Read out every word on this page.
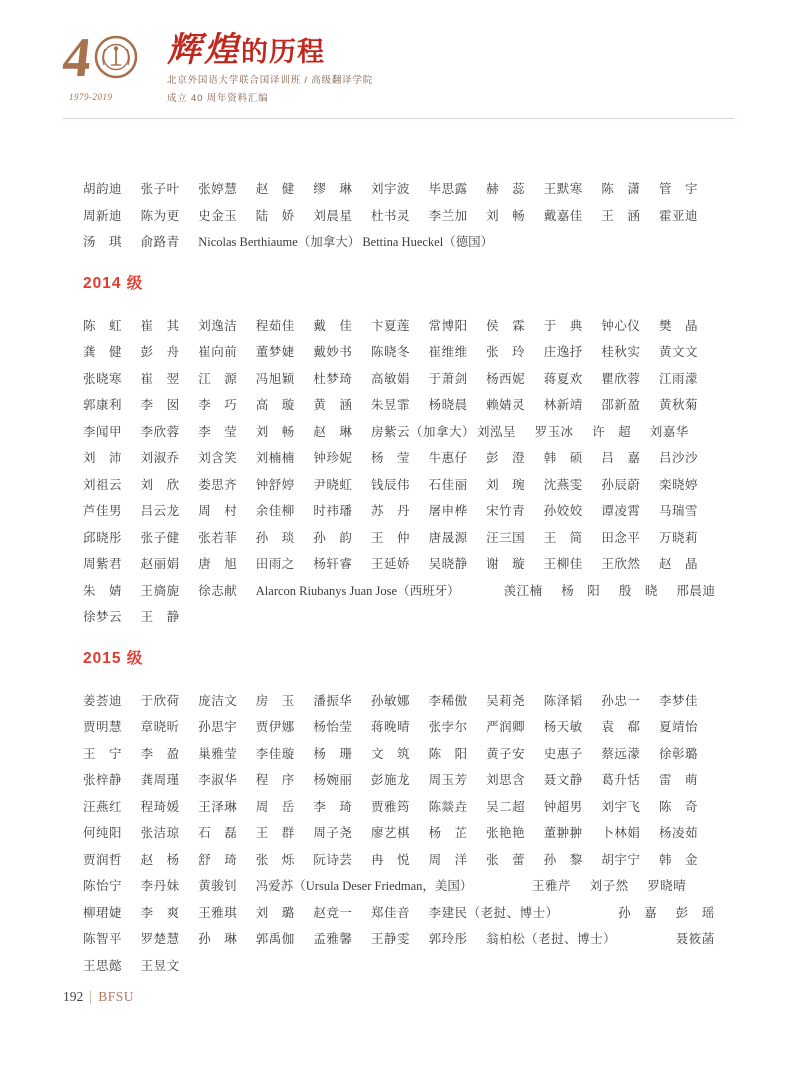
4
1979-2019
辉煌的历程
北京外国语大学联合国译训班 / 高级翻译学院
成立 40 周年资料汇编
胡韵迪	张子叶	张婷慧	赵　健	缪　琳	刘宇波	毕思露	赫　蕊	王默寒	陈　潇	管　宇
周新迪	陈为更	史金玉	陆　娇	刘晨星	杜书灵	李兰加	刘　畅	戴嘉佳	王　涵	霍亚迪
汤　琪	俞路青	Nicolas Berthiaume（加拿大） Bettina Hueckel（德国）
2014 级
陈　虹	崔　其	刘逸洁	程茹佳	戴　佳	卞夏莲	常博阳	侯　霖	于　典	钟心仪	樊　晶
龚　健	彭　舟	崔向前	董梦婕	戴妙书	陈晓冬	崔维维	张　玲	庄逸抒	桂秋实	黄文文
张晓寒	崔　翌	江　源	冯旭颖	杜梦琦	高敏娟	于萧剑	杨西妮	蒋夏欢	瞿欣蓉	江雨濛
郭康利	李　囡	李　巧	高　璇	黄　涵	朱昱霏	杨晓晨	赖婧灵	林新靖	邵新盈	黄秋菊
李闻甲	李欣蓉	李　莹	刘　畅	赵　琳	房紫云（加拿大） 刘泓呈	罗玉冰	许　超	刘嘉华
刘　沛	刘淑乔	刘含笑	刘楠楠	钟珍妮	杨　莹	牛惠仔	彭　澄	韩　硕	吕　嘉	吕沙沙
刘祖云	刘　欣	娄思齐	钟舒婷	尹晓虹	钱辰伟	石佳丽	刘　琬	沈燕雯	孙辰蔚	栾晓婷
芦佳男	吕云龙	周　村	余佳柳	时祎璠	苏　丹	屠申桦	宋竹青	孙姣姣	谭凌霄	马瑞雪
邱晓彤	张子健	张若菲	孙　琰	孙　韵	王　仲	唐晟源	汪三国	王　简	田念平	万晓莉
周紫君	赵丽娟	唐　旭	田雨之	杨轩睿	王延娇	吴晓静	谢　璇	王柳佳	王欣然	赵　晶
朱　婧	王旖旎	徐志献	Alarcon Riubanys Juan Jose（西班牙）	羡江楠	杨　阳	殷　晓	邢晨迪
徐梦云	王　静
2015 级
姜荟迪	于欣荷	庞洁文	房　玉	潘振华	孙敏娜	李稀傲	吴莉尧	陈泽韬	孙忠一	李梦佳
贾明慧	章晓昕	孙思宇	贾伊娜	杨怡莹	蒋晚晴	张孛尔	严润卿	杨天敏	袁　郗	夏靖怡
王　宁	李　盈	巢雅莹	李佳璇	杨　珊	文　筑	陈　阳	黄子安	史惠子	蔡远濛	徐彰璐
张梓静	龚周瑾	李淑华	程　序	杨婉丽	彭施龙	周玉芳	刘思含	聂文静	葛升恬	雷　萌
汪燕红	程琦媛	王泽琳	周　岳	李　琦	贾雅筠	陈燚垚	吴二超	钟超男	刘宇飞	陈　奇
何纯阳	张洁琼	石　磊	王　群	周子尧	廖艺棋	杨　芷	张艳艳	董翀翀	卜林娟	杨凌茹
贾润哲	赵　杨	舒　琦	张　烁	阮诗芸	冉　悦	周　洋	张　蕾	孙　黎	胡宇宁	韩　金
陈怡宁	李丹妹	黄骏钊	冯爱苏（Ursula Deser Friedman，美国）	王雅芹	刘子然	罗晓晴
柳珺婕	李　爽	王雅琪	刘　璐	赵竞一	郑佳音	李建民（老挝、博士）	孙　嘉	彭　瑶
陈智平	罗楚慧	孙　琳	郭禹伽	孟雅馨	王静雯	郭玲彤	翁柏松（老挝、博士）	聂筱菡
王思懿	王昱文
192 BFSU
